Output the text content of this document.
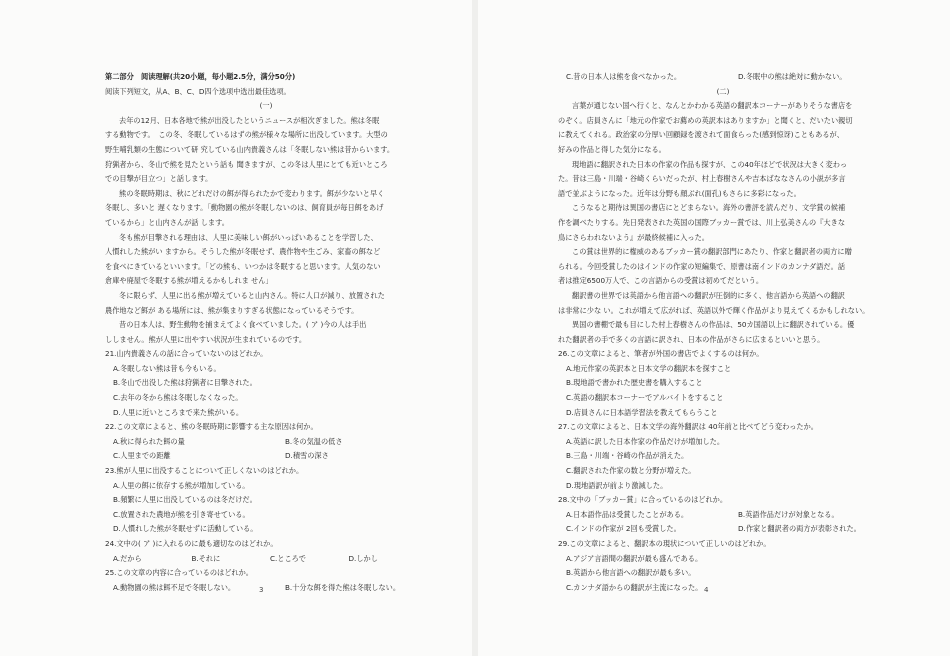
第二部分　阅读理解(共20小题，每小题2.5分，满分50分)

阅读下列短文，从A、B、C、D四个选项中选出最佳选项。

(一)

去年の12月、日本各地で熊が出没したというニュースが相次ぎました。熊は冬眠

する動物です。　この冬、冬眠しているはずの熊が様々な場所に出没しています。大型の

野生哺乳類の生態について研 究している山内貴義さんは「冬眠しない熊は昔からいます。

狩猟者から、冬山で熊を見たという話も 聞きますが、この冬は人里にとても近いところ

での目撃が目立つ」と話します。

熊の冬眠時期は、秋にどれだけの餌が得られたかで変わります。餌が少ないと早く

冬眠し、多いと 遅くなります。「動物園の熊が冬眠しないのは、飼育員が毎日餌をあげ

ているから」と山内さんが話 します。

冬も熊が目撃される理由は、人里に美味しい餌がいっぱいあることを学習した、

人慣れした熊がい ますから。そうした熊が冬眠せず、農作物や生ごみ、家畜の餌など

を食べにきているといいます。「どの熊も、いつかは冬眠すると思います。人気のない

倉庫や廃屋で冬眠する熊が増えるかもしれま せん」

冬に限らず、人里に出る熊が増えていると山内さん。特に人口が減り、放置された

農作地など餌が ある場所には、熊が集まりすぎる状態になっているそうです。

昔の日本人は、野生動物を捕まえてよく食べていました。( ア )今の人は手出

ししません。熊が人里に出やすい状況が生まれているのです。

21.山内貴義さんの話に合っていないのはどれか。

A.冬眠しない熊は昔も今もいる。

B.冬山で出没した熊は狩猟者に目撃された。

C.去年の冬から熊は冬眠しなくなった。

D.人里に近いところまで来た熊がいる。

22.この文章によると、熊の冬眠時期に影響する主な原因は何か。

A.秋に得られた餌の量	B.冬の気温の低さ
C.人里までの距離	D.積雪の深さ

23.熊が人里に出没することについて正しくないのはどれか。

A.人里の餌に依存する熊が増加している。

B.頻繁に人里に出没しているのは冬だけだ。

C.放置された農地が熊を引き寄せている。

D.人慣れした熊が冬眠せずに活動している。

24.文中の( ア )に入れるのに最も適切なのはどれか。

A.だから	B.それに	C.ところで	D.しかし

25.この文章の内容に合っているのはどれか。

A.動物園の熊は餌不足で冬眠しない。	B.十分な餌を得た熊は冬眠しない。
3
C.昔の日本人は熊を食べなかった。	D.冬眠中の熊は絶対に動かない。

(二)

言葉が通じない国へ行くと、なんとかわかる英語の翻訳本コーナーがありそうな書店を

のぞく。店員さんに「地元の作家でお薦めの英訳本はありますか」と聞くと、だいたい親切

に教えてくれる。政治家の分厚い回顧録を渡されて面食らった(感到惊讶)こともあるが、

好みの作品と得した気分になる。

現地語に翻訳された日本の作家の作品も探すが、この40年ほどで状況は大きく変わっ

た。昔は三島・川端・谷崎くらいだったが、村上春樹さんや吉本ばななさんの小説が多言

語で並ぶようになった。近年は分野も顔ぶれ(面孔)もさらに多彩になった。

こうなると期待は異国の書店にとどまらない。海外の書評を読んだり、文学賞の候補

作を調べたりする。先日発表された英国の国際ブッカー賞では、川上弘美さんの『大きな

鳥にさらわれないよう』が最終候補に入った。

この賞は世界的に権威のあるブッカー賞の翻訳部門にあたり、作家と翻訳者の両方に贈

られる。今回受賞したのはインドの作家の短編集で、原書は南インドのカンナダ語だ。話

者は推定6500万人で、この言語からの受賞は初めてだという。

翻訳書の世界では英語から他言語への翻訳が圧倒的に多く、他言語から英語への翻訳

は非常に少な い。これが増えて広がれば、英語以外で輝く作品がより見えてくるかもしれない。

異国の書棚で最も目にした村上春樹さんの作品は、50カ国語以上に翻訳されている。優

れた翻訳者の手で多くの言語に訳され、日本の作品がさらに広まるといいと思う。

26.この文章によると、筆者が外国の書店でよくするのは何か。

A.地元作家の英訳本と日本文学の翻訳本を探すこと

B.現地語で書かれた歴史書を購入すること

C.英語の翻訳本コーナーでアルバイトをすること

D.店員さんに日本語学習法を教えてもらうこと

27.この文章によると、日本文学の海外翻訳は 40年前と比べてどう変わったか。

A.英語に訳した日本作家の作品だけが増加した。

B.三島・川端・谷崎の作品が消えた。

C.翻訳された作家の数と分野が増えた。

D.現地語訳が前より激減した。

28.文中の「ブッカー賞」に合っているのはどれか。

A.日本語作品は受賞したことがある。	B.英語作品だけが対象となる。
C.インドの作家が 2回も受賞した。	D.作家と翻訳者の両方が表彰された。

29.この文章によると、翻訳本の現状について正しいのはどれか。

A.アジア言語間の翻訳が最も盛んである。

B.英語から他言語への翻訳が最も多い。

C.カンナダ語からの翻訳が主流になった。 4
